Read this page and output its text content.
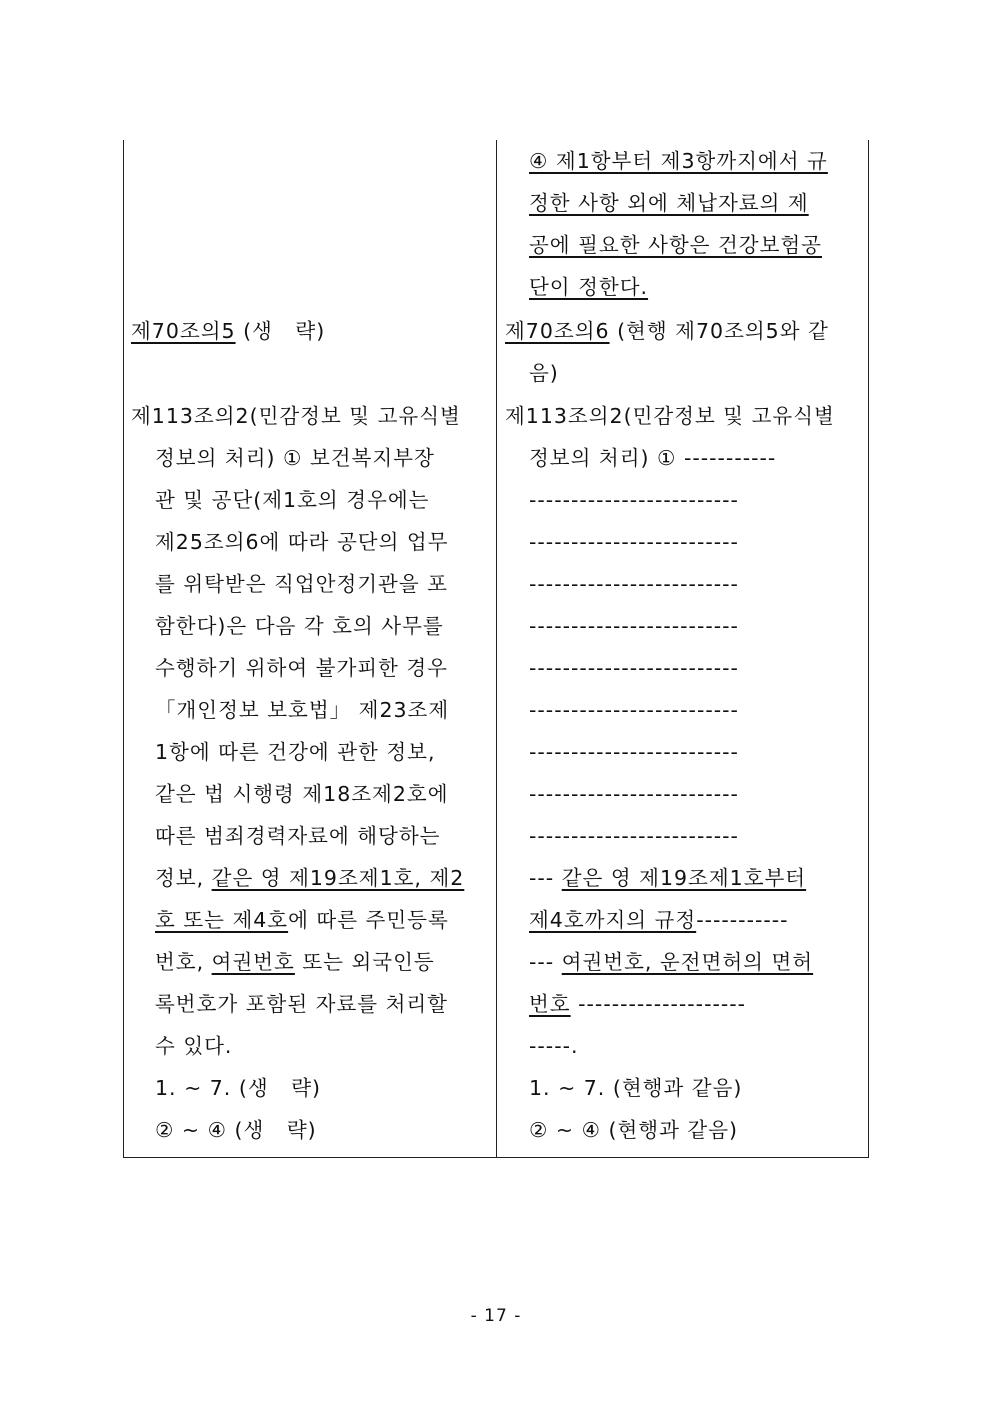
제70조의5 (생   략)
제113조의2(민감정보 및 고유식별
정보의 처리) ① 보건복지부장
관 및 공단(제1호의 경우에는
제25조의6에 따라 공단의 업무
를 위탁받은 직업안정기관을 포
함한다)은 다음 각 호의 사무를
수행하기 위하여 불가피한 경우
「개인정보 보호법」 제23조제
1항에 따른 건강에 관한 정보,
같은 법 시행령 제18조제2호에
따른 범죄경력자료에 해당하는
정보, 같은 영 제19조제1호, 제2
호 또는 제4호에 따른 주민등록
번호, 여권번호 또는 외국인등
록번호가 포함된 자료를 처리할
수 있다.
1. ~ 7. (생   략)
② ~ ④ (생   략)
④ 제1항부터 제3항까지에서 규
정한 사항 외에 체납자료의 제
공에 필요한 사항은 건강보험공
단이 정한다.
제70조의6 (현행 제70조의5와 같
음)
제113조의2(민감정보 및 고유식별
정보의 처리) ① -----------
-------------------------
-------------------------
-------------------------
-------------------------
-------------------------
-------------------------
-------------------------
-------------------------
-------------------------
--- 같은 영 제19조제1호부터
제4호까지의 규정-----------
--- 여권번호, 운전면허의 면허
번호 --------------------
-----.
1. ~ 7. (현행과 같음)
② ~ ④ (현행과 같음)
- 17 -
